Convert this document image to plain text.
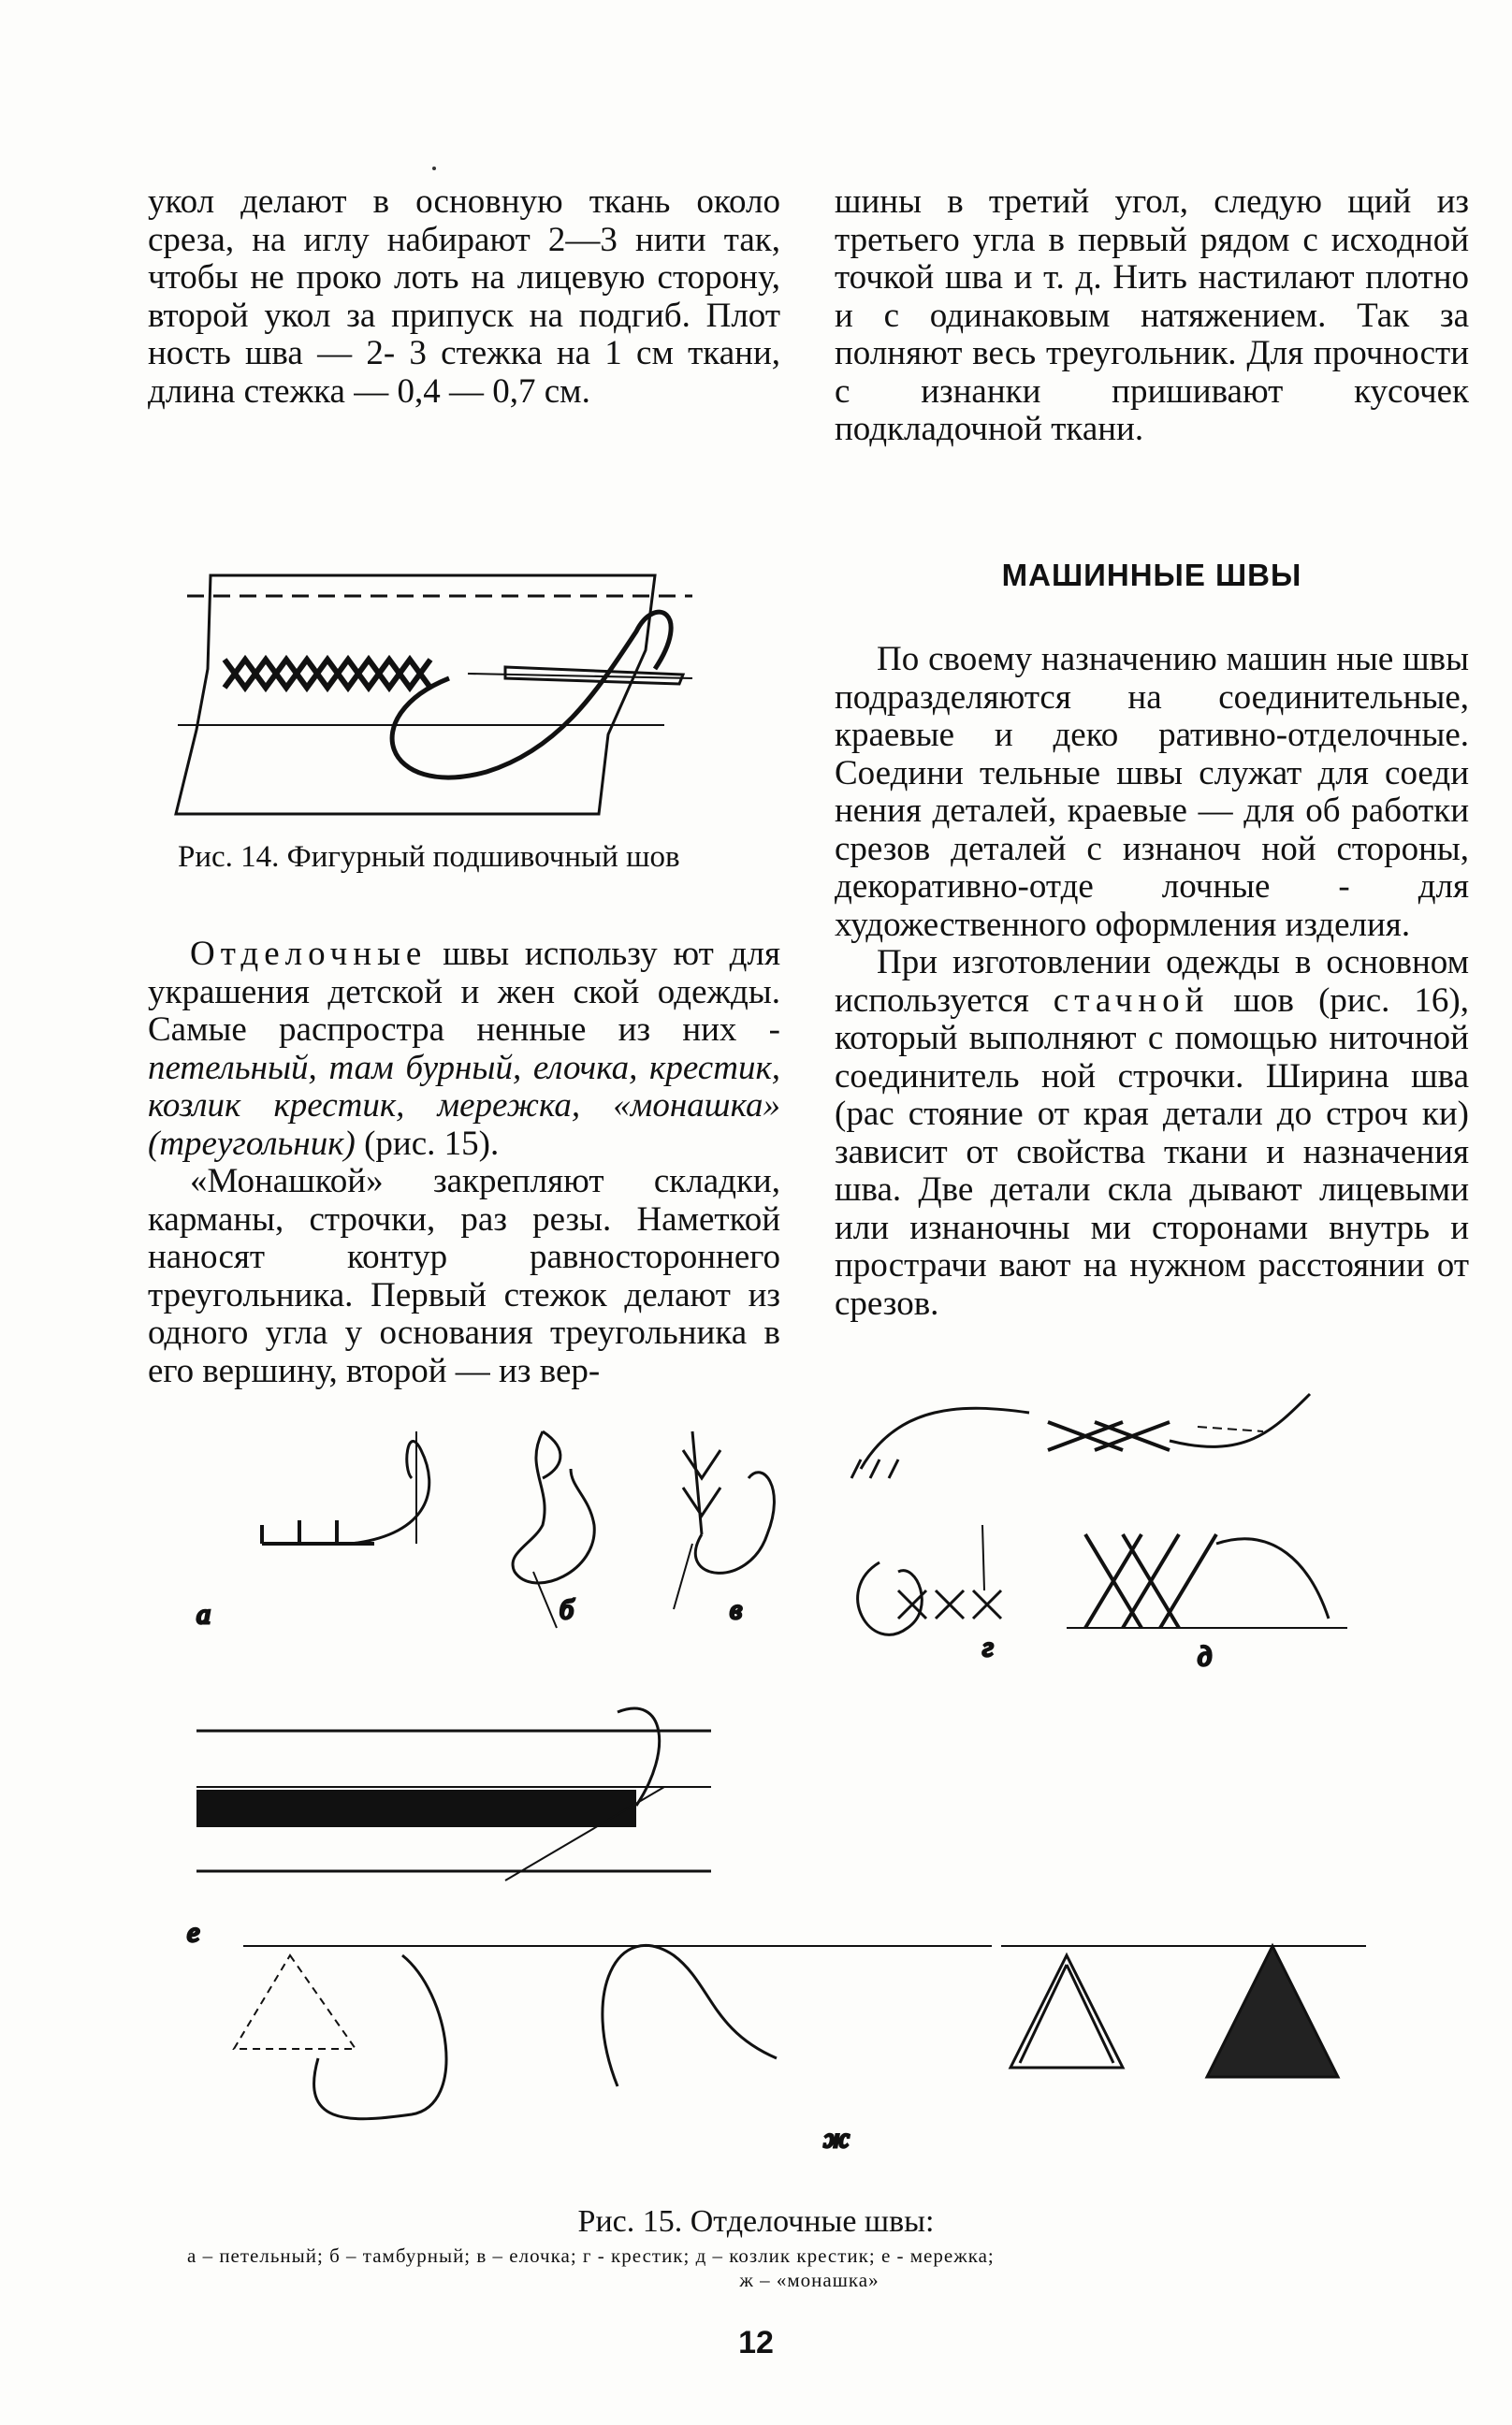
укол делают в основную ткань около среза, на иглу набирают 2—3 нити так, чтобы не проко лоть на лицевую сторону, второй укол за припуск на подгиб. Плот ность шва — 2- 3 стежка на 1 см ткани, длина стежка — 0,4 — 0,7 см.

шины в третий угол, следую щий из третьего угла в первый рядом с исходной точкой шва и т. д. Нить настилают плотно и с одинаковым натяжением. Так за полняют весь треугольник. Для прочности с изнанки пришивают кусочек подкладочной ткани.

Рис. 14. Фигурный подшивочный шов
МАШИННЫЕ ШВЫ

По своему назначению машин ные швы подразделяются на соединительные, краевые и деко ративно-отделочные. Соедини тельные швы служат для соеди нения деталей, краевые — для об работки срезов деталей с изнаноч ной стороны, декоративно-отде лочные - для художественного оформления изделия.

При изготовлении одежды в основном используется стачной шов (рис. 16), который выполняют с помощью ниточной соединитель ной строчки. Ширина шва (рас стояние от края детали до строч ки) зависит от свойства ткани и назначения шва. Две детали скла дывают лицевыми или изнаночны ми сторонами внутрь и прострачи вают на нужном расстоянии от срезов.

Отделочные швы использу ют для украшения детской и жен ской одежды. Самые распростра ненные из них - петельный, там бурный, елочка, крестик, козлик крестик, мережка, «монашка» (треугольник) (рис. 15).

«Монашкой» закрепляют складки, карманы, строчки, раз резы. Наметкой наносят контур равностороннего треугольника. Первый стежок делают из одного угла у основания треугольника в его вершину, второй — из вер-

а	б	в
г	д
е
ж
Рис. 15. Отделочные швы:
а – петельный; б – тамбурный; в – елочка; г - крестик; д – козлик крестик; е - мережка;
ж – «монашка»
12
